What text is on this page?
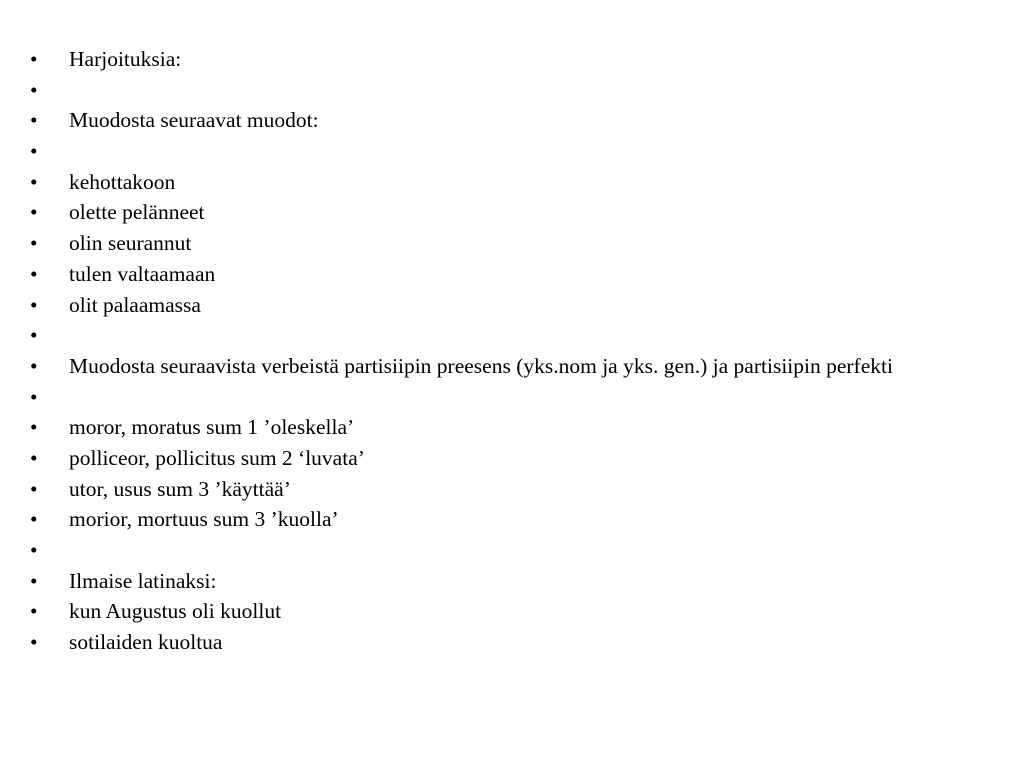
• Harjoituksia:
•
• Muodosta seuraavat muodot:
•
• kehottakoon
• olette pelänneet
• olin seurannut
• tulen valtaamaan
• olit palaamassa
•
• Muodosta seuraavista verbeistä partisiipin preesens (yks.nom ja yks. gen.) ja partisiipin perfekti
•
• moror, moratus sum 1 ’oleskella’
• polliceor, pollicitus sum 2 ‘luvata’
• utor, usus sum 3 ’käyttää’
• morior, mortuus sum 3 ’kuolla’
•
• Ilmaise latinaksi:
• kun Augustus oli kuollut
• sotilaiden kuoltua
